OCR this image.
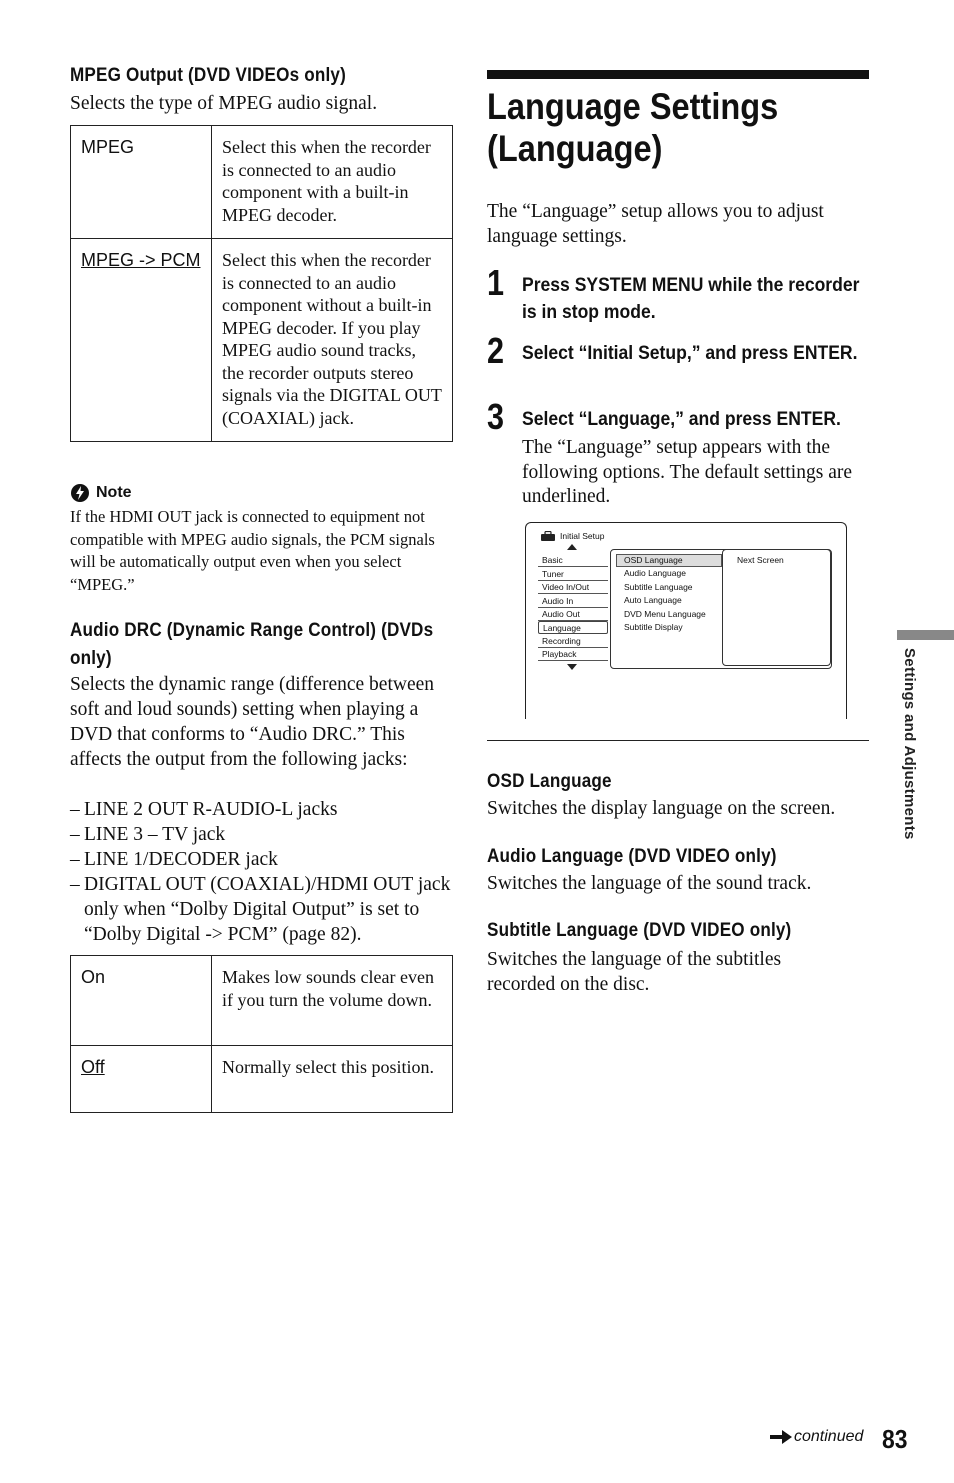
MPEG Output (DVD VIDEOs only)
Selects the type of MPEG audio signal.
MPEG	Select this when the recorder is connected to an audio component with a built-in MPEG decoder.
MPEG -> PCM	Select this when the recorder is connected to an audio component without a built-in MPEG decoder. If you play MPEG audio sound tracks, the recorder outputs stereo signals via the DIGITAL OUT (COAXIAL) jack.
Note
If the HDMI OUT jack is connected to equipment not compatible with MPEG audio signals, the PCM signals will be automatically output even when you select “MPEG.”
Audio DRC (Dynamic Range Control) (DVDs only)
Selects the dynamic range (difference between soft and loud sounds) setting when playing a DVD that conforms to “Audio DRC.” This affects the output from the following jacks:
– LINE 2 OUT R-AUDIO-L jacks
– LINE 3 – TV jack
– LINE 1/DECODER jack
– DIGITAL OUT (COAXIAL)/HDMI OUT jack only when “Dolby Digital Output” is set to “Dolby Digital -> PCM” (page 82).
On	Makes low sounds clear even if you turn the volume down.
Off	Normally select this position.
Language Settings (Language)
The “Language” setup allows you to adjust language settings.
1 Press SYSTEM MENU while the recorder is in stop mode.
2 Select “Initial Setup,” and press ENTER.
3 Select “Language,” and press ENTER.
The “Language” setup appears with the following options. The default settings are underlined.
Initial Setup
Basic
Tuner
Video In/Out
Audio In
Audio Out
Language
Recording
Playback
OSD Language
Audio Language
Subtitle Language
Auto Language
DVD Menu Language
Subtitle Display
Next Screen
OSD Language
Switches the display language on the screen.
Audio Language (DVD VIDEO only)
Switches the language of the sound track.
Subtitle Language (DVD VIDEO only)
Switches the language of the subtitles recorded on the disc.
Settings and Adjustments
continued 83
